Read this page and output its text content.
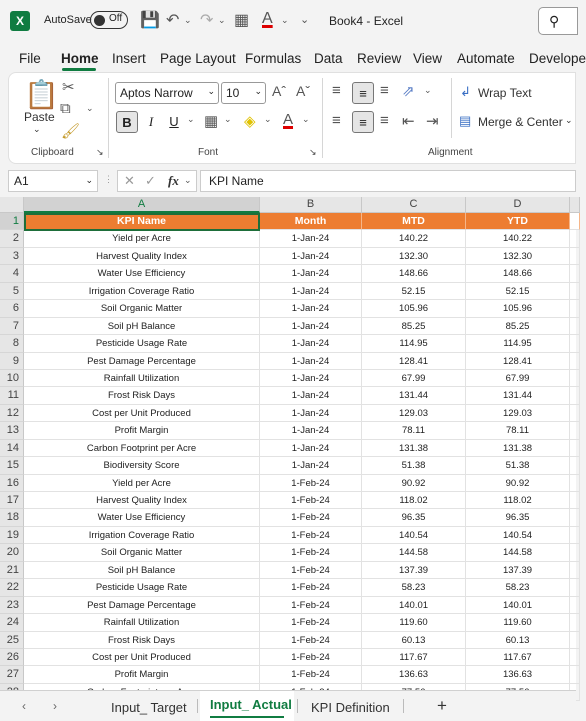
X	AutoSave Off 💾 ↶ ⌄ ↷ ⌄ ▦ A ⌄ ⌄ Book4 - Excel	⚲
File Home Insert Page Layout Formulas Data Review View Automate Develope
📋
Paste
⌄
✂
⧉ ⌄
🖌
Clipboard ↘
Aptos Narrow ⌄ 10 ⌄ Aˆ Aˇ
B	I	U ⌄ ▦ ⌄ ◈ ⌄ A ⌄
Font	↘
≡	≡ ≡ ⇗ ⌄
≡	≡ ≡ ⇤ ⇥
↲ Wrap Text
▤ Merge & Center ⌄
Alignment
A1	⌄ ⋮ ✕ ✓ fx ⌄	KPI Name
A	B	C	D
1	KPI Name	Month	MTD	YTD
2	Yield per Acre	1-Jan-24	140.22	140.22
3	Harvest Quality Index	1-Jan-24	132.30	132.30
4	Water Use Efficiency	1-Jan-24	148.66	148.66
5	Irrigation Coverage Ratio	1-Jan-24	52.15	52.15
6	Soil Organic Matter	1-Jan-24	105.96	105.96
7	Soil pH Balance	1-Jan-24	85.25	85.25
8	Pesticide Usage Rate	1-Jan-24	114.95	114.95
9	Pest Damage Percentage	1-Jan-24	128.41	128.41
10	Rainfall Utilization	1-Jan-24	67.99	67.99
11	Frost Risk Days	1-Jan-24	131.44	131.44
12	Cost per Unit Produced	1-Jan-24	129.03	129.03
13	Profit Margin	1-Jan-24	78.11	78.11
14	Carbon Footprint per Acre	1-Jan-24	131.38	131.38
15	Biodiversity Score	1-Jan-24	51.38	51.38
16	Yield per Acre	1-Feb-24	90.92	90.92
17	Harvest Quality Index	1-Feb-24	118.02	118.02
18	Water Use Efficiency	1-Feb-24	96.35	96.35
19	Irrigation Coverage Ratio	1-Feb-24	140.54	140.54
20	Soil Organic Matter	1-Feb-24	144.58	144.58
21	Soil pH Balance	1-Feb-24	137.39	137.39
22	Pesticide Usage Rate	1-Feb-24	58.23	58.23
23	Pest Damage Percentage	1-Feb-24	140.01	140.01
24	Rainfall Utilization	1-Feb-24	119.60	119.60
25	Frost Risk Days	1-Feb-24	60.13	60.13
26	Cost per Unit Produced	1-Feb-24	117.67	117.67
27	Profit Margin	1-Feb-24	136.63	136.63
‹ ›	Input_ Target Input_ Actual KPI Definition	+
